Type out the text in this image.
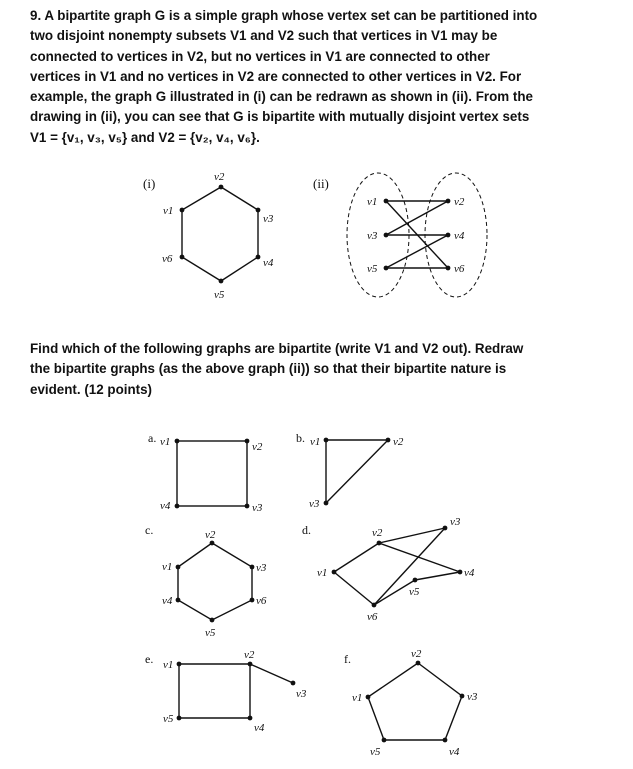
9. A bipartite graph G is a simple graph whose vertex set can be partitioned into
two disjoint nonempty subsets V1 and V2 such that vertices in V1 may be
connected to vertices in V2, but no vertices in V1 are connected to other
vertices in V1 and no vertices in V2 are connected to other vertices in V2. For
example, the graph G illustrated in (i) can be redrawn as shown in (ii). From the
drawing in (ii), you can see that G is bipartite with mutually disjoint vertex sets
V1 = {v₁, v₃, v₅} and V2 = {v₂, v₄, v₆}.
Find which of the following graphs are bipartite (write V1 and V2 out). Redraw
the bipartite graphs (as the above graph (ii)) so that their bipartite nature is
evident. (12 points)
(i)	(ii)
a.	b.
c.	d.
e.	f.
v2
v1
v3
v6	v4
v5
v1
v3
v5
v2
v4
v6
v1	v2
v4	v3
v1	v2
v3
v2
v1	v3
v4	v6
v5
v2
v3
v1	v4
v5
v6
v1
v2
v3
v5
v4
v2
v1	v3
v5	v4
